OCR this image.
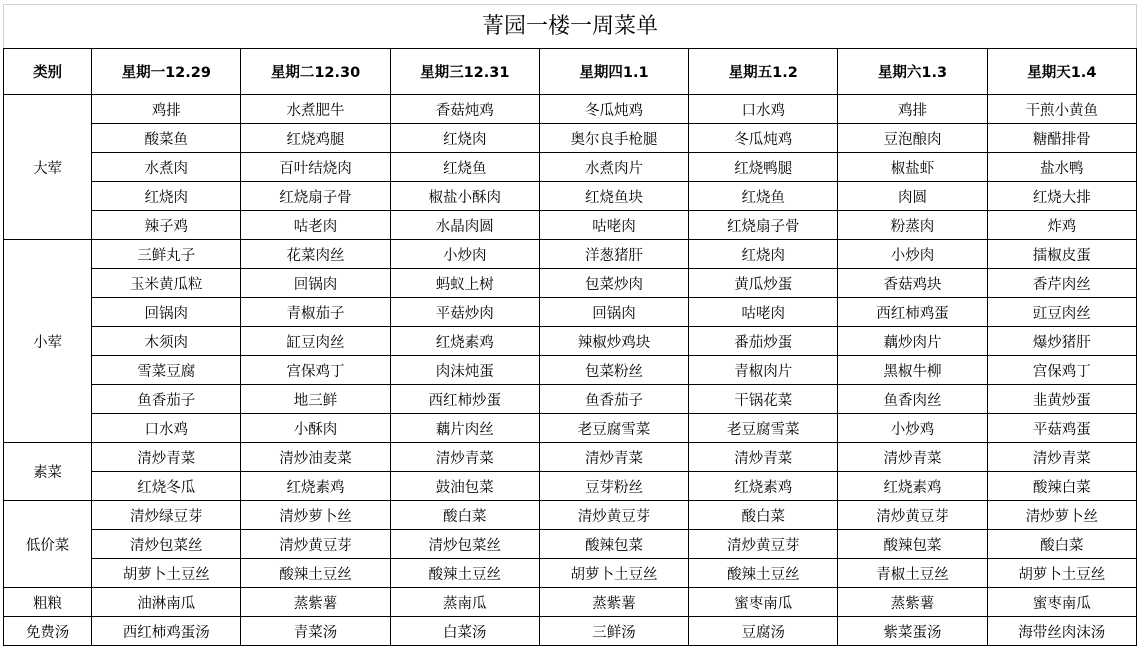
菁园一楼一周菜单
类别	星期一12.29	星期二12.30	星期三12.31	星期四1.1	星期五1.2	星期六1.3	星期天1.4
大荤	鸡排	水煮肥牛	香菇炖鸡	冬瓜炖鸡	口水鸡	鸡排	干煎小黄鱼
	酸菜鱼	红烧鸡腿	红烧肉	奥尔良手枪腿	冬瓜炖鸡	豆泡酿肉	糖醋排骨
	水煮肉	百叶结烧肉	红烧鱼	水煮肉片	红烧鸭腿	椒盐虾	盐水鸭
	红烧肉	红烧扇子骨	椒盐小酥肉	红烧鱼块	红烧鱼	肉圆	红烧大排
	辣子鸡	咕老肉	水晶肉圆	咕咾肉	红烧扇子骨	粉蒸肉	炸鸡
小荤	三鲜丸子	花菜肉丝	小炒肉	洋葱猪肝	红烧肉	小炒肉	擂椒皮蛋
	玉米黄瓜粒	回锅肉	蚂蚁上树	包菜炒肉	黄瓜炒蛋	香菇鸡块	香芹肉丝
	回锅肉	青椒茄子	平菇炒肉	回锅肉	咕咾肉	西红柿鸡蛋	豇豆肉丝
	木须肉	缸豆肉丝	红烧素鸡	辣椒炒鸡块	番茄炒蛋	藕炒肉片	爆炒猪肝
	雪菜豆腐	宫保鸡丁	肉沫炖蛋	包菜粉丝	青椒肉片	黑椒牛柳	宫保鸡丁
	鱼香茄子	地三鲜	西红柿炒蛋	鱼香茄子	干锅花菜	鱼香肉丝	韭黄炒蛋
	口水鸡	小酥肉	藕片肉丝	老豆腐雪菜	老豆腐雪菜	小炒鸡	平菇鸡蛋
素菜	清炒青菜	清炒油麦菜	清炒青菜	清炒青菜	清炒青菜	清炒青菜	清炒青菜
	红烧冬瓜	红烧素鸡	鼓油包菜	豆芽粉丝	红烧素鸡	红烧素鸡	酸辣白菜
低价菜	清炒绿豆芽	清炒萝卜丝	酸白菜	清炒黄豆芽	酸白菜	清炒黄豆芽	清炒萝卜丝
	清炒包菜丝	清炒黄豆芽	清炒包菜丝	酸辣包菜	清炒黄豆芽	酸辣包菜	酸白菜
	胡萝卜土豆丝	酸辣土豆丝	酸辣土豆丝	胡萝卜土豆丝	酸辣土豆丝	青椒土豆丝	胡萝卜土豆丝
粗粮	油淋南瓜	蒸紫薯	蒸南瓜	蒸紫薯	蜜枣南瓜	蒸紫薯	蜜枣南瓜
免费汤	西红柿鸡蛋汤	青菜汤	白菜汤	三鲜汤	豆腐汤	紫菜蛋汤	海带丝肉沫汤
